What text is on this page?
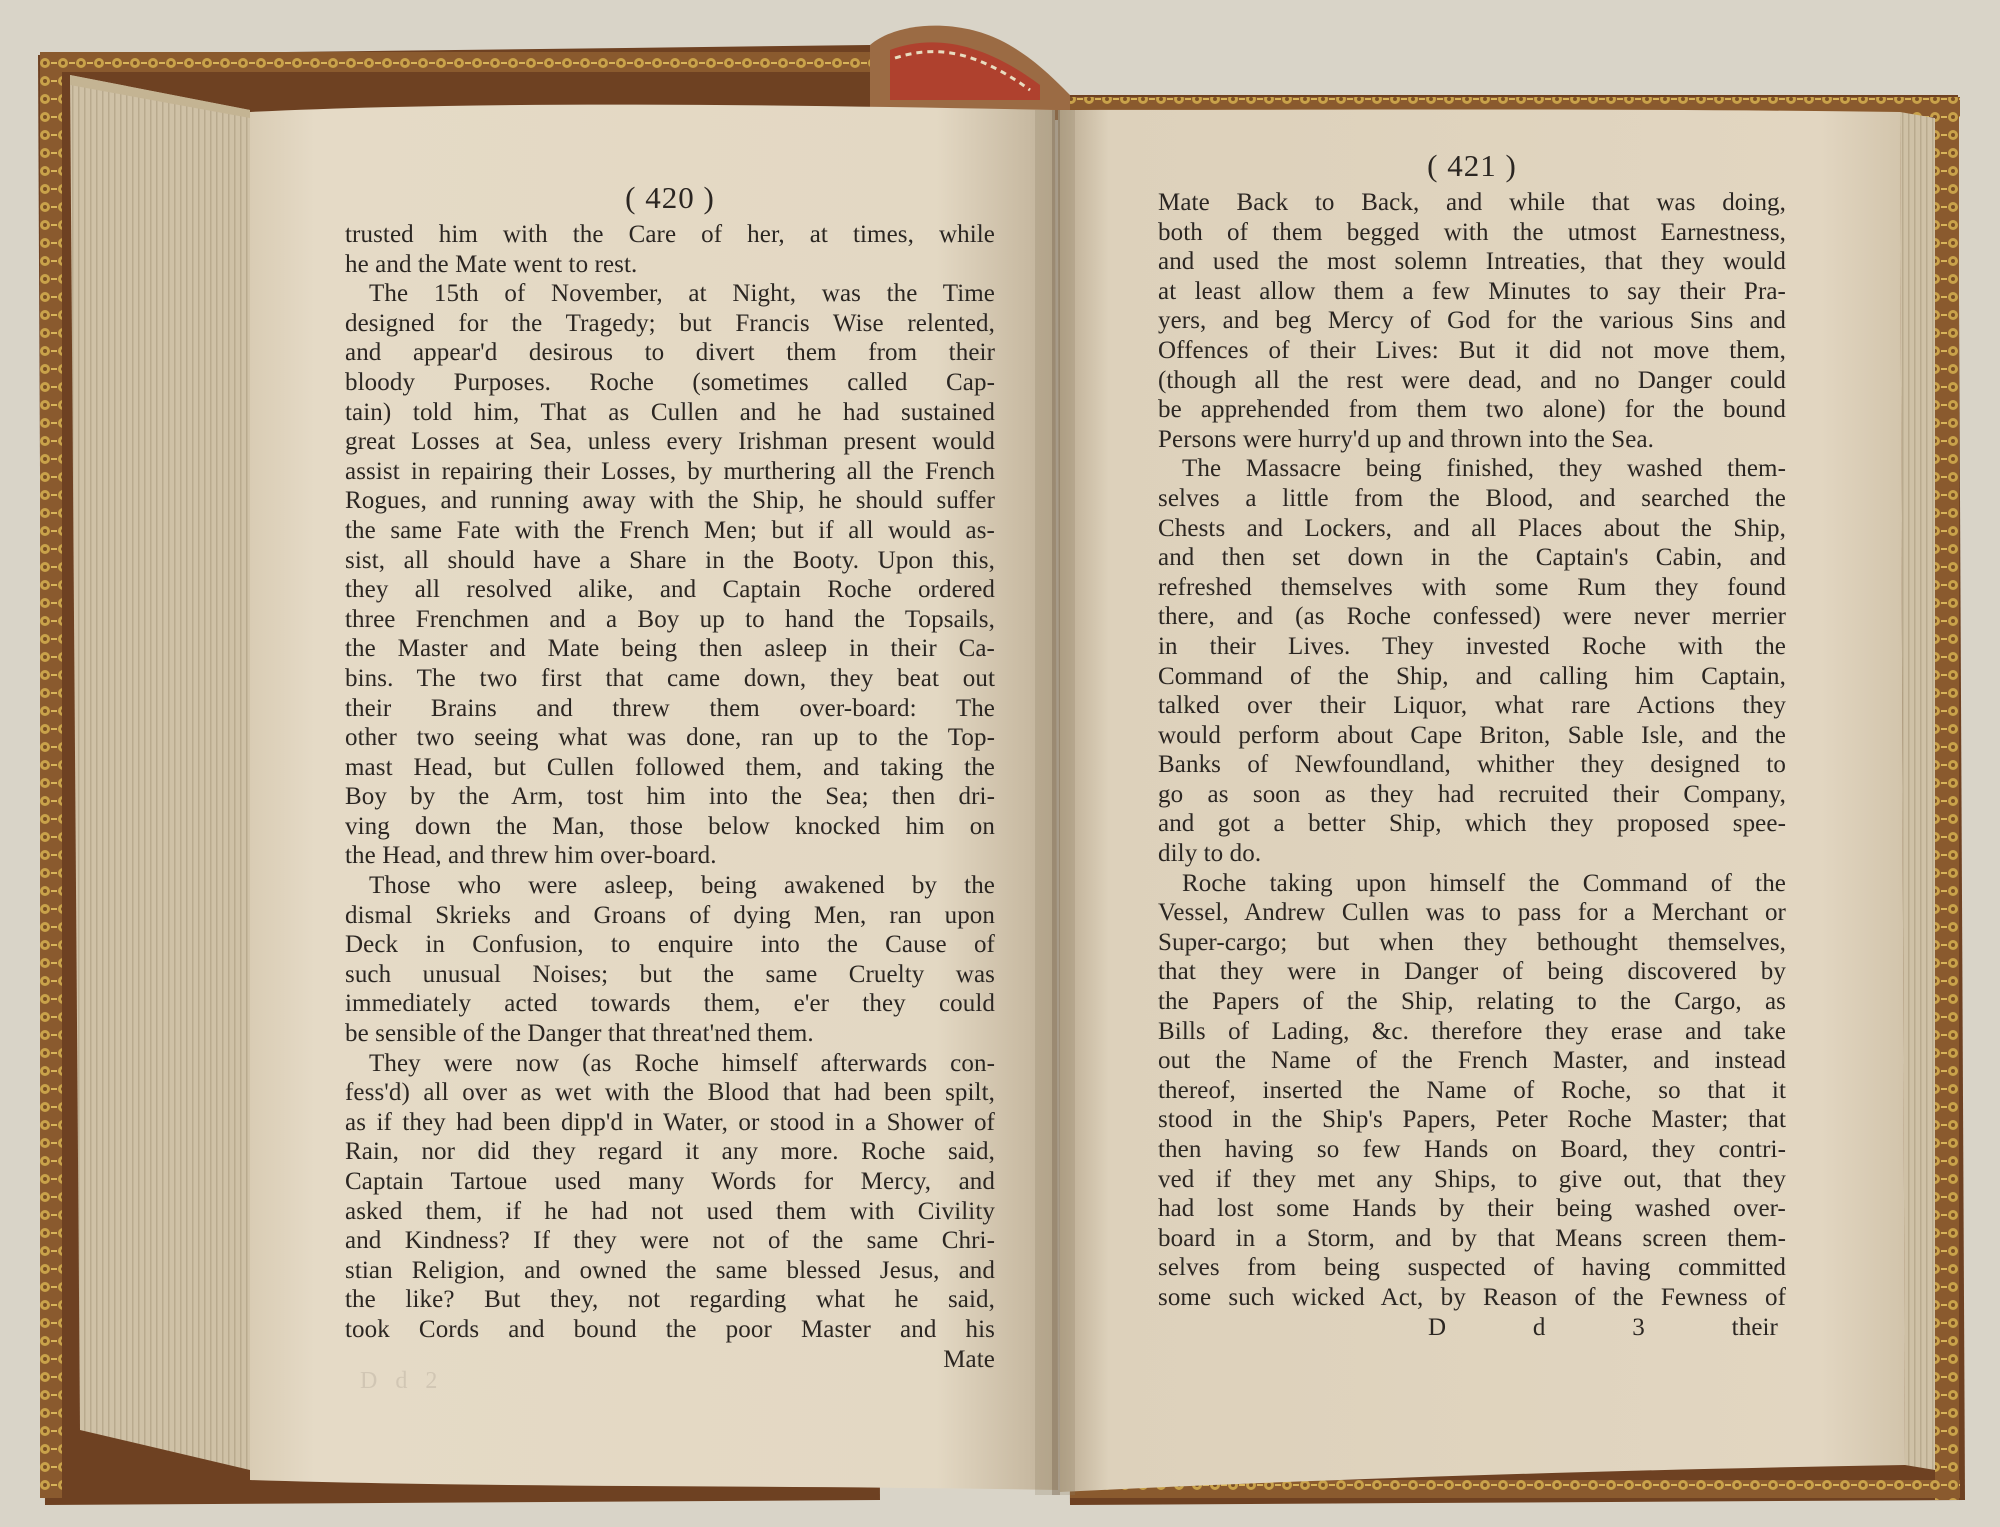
D d 2
( 420 )
trusted him with the Care of her, at times, while
he and the Mate went to rest.
The 15th of November, at Night, was the Time
designed for the Tragedy; but Francis Wise relented,
and appear'd desirous to divert them from their
bloody Purposes. Roche (sometimes called Cap-
tain) told him, That as Cullen and he had sustained
great Losses at Sea, unless every Irishman present would
assist in repairing their Losses, by murthering all the French
Rogues, and running away with the Ship, he should suffer
the same Fate with the French Men; but if all would as-
sist, all should have a Share in the Booty. Upon this,
they all resolved alike, and Captain Roche ordered
three Frenchmen and a Boy up to hand the Topsails,
the Master and Mate being then asleep in their Ca-
bins. The two first that came down, they beat out
their Brains and threw them over-board: The
other two seeing what was done, ran up to the Top-
mast Head, but Cullen followed them, and taking the
Boy by the Arm, tost him into the Sea; then dri-
ving down the Man, those below knocked him on
the Head, and threw him over-board.
Those who were asleep, being awakened by the
dismal Skrieks and Groans of dying Men, ran upon
Deck in Confusion, to enquire into the Cause of
such unusual Noises; but the same Cruelty was
immediately acted towards them, e'er they could
be sensible of the Danger that threat'ned them.
They were now (as Roche himself afterwards con-
fess'd) all over as wet with the Blood that had been spilt,
as if they had been dipp'd in Water, or stood in a Shower of
Rain, nor did they regard it any more. Roche said,
Captain Tartoue used many Words for Mercy, and
asked them, if he had not used them with Civility
and Kindness? If they were not of the same Chri-
stian Religion, and owned the same blessed Jesus, and
the like? But they, not regarding what he said,
took Cords and bound the poor Master and his
Mate
( 421 )
Mate Back to Back, and while that was doing,
both of them begged with the utmost Earnestness,
and used the most solemn Intreaties, that they would
at least allow them a few Minutes to say their Pra-
yers, and beg Mercy of God for the various Sins and
Offences of their Lives: But it did not move them,
(though all the rest were dead, and no Danger could
be apprehended from them two alone) for the bound
Persons were hurry'd up and thrown into the Sea.
The Massacre being finished, they washed them-
selves a little from the Blood, and searched the
Chests and Lockers, and all Places about the Ship,
and then set down in the Captain's Cabin, and
refreshed themselves with some Rum they found
there, and (as Roche confessed) were never merrier
in their Lives. They invested Roche with the
Command of the Ship, and calling him Captain,
talked over their Liquor, what rare Actions they
would perform about Cape Briton, Sable Isle, and the
Banks of Newfoundland, whither they designed to
go as soon as they had recruited their Company,
and got a better Ship, which they proposed spee-
dily to do.
Roche taking upon himself the Command of the
Vessel, Andrew Cullen was to pass for a Merchant or
Super-cargo; but when they bethought themselves,
that they were in Danger of being discovered by
the Papers of the Ship, relating to the Cargo, as
Bills of Lading, &c. therefore they erase and take
out the Name of the French Master, and instead
thereof, inserted the Name of Roche, so that it
stood in the Ship's Papers, Peter Roche Master; that
then having so few Hands on Board, they contri-
ved if they met any Ships, to give out, that they
had lost some Hands by their being washed over-
board in a Storm, and by that Means screen them-
selves from being suspected of having committed
some such wicked Act, by Reason of the Fewness of
D d 3	their
